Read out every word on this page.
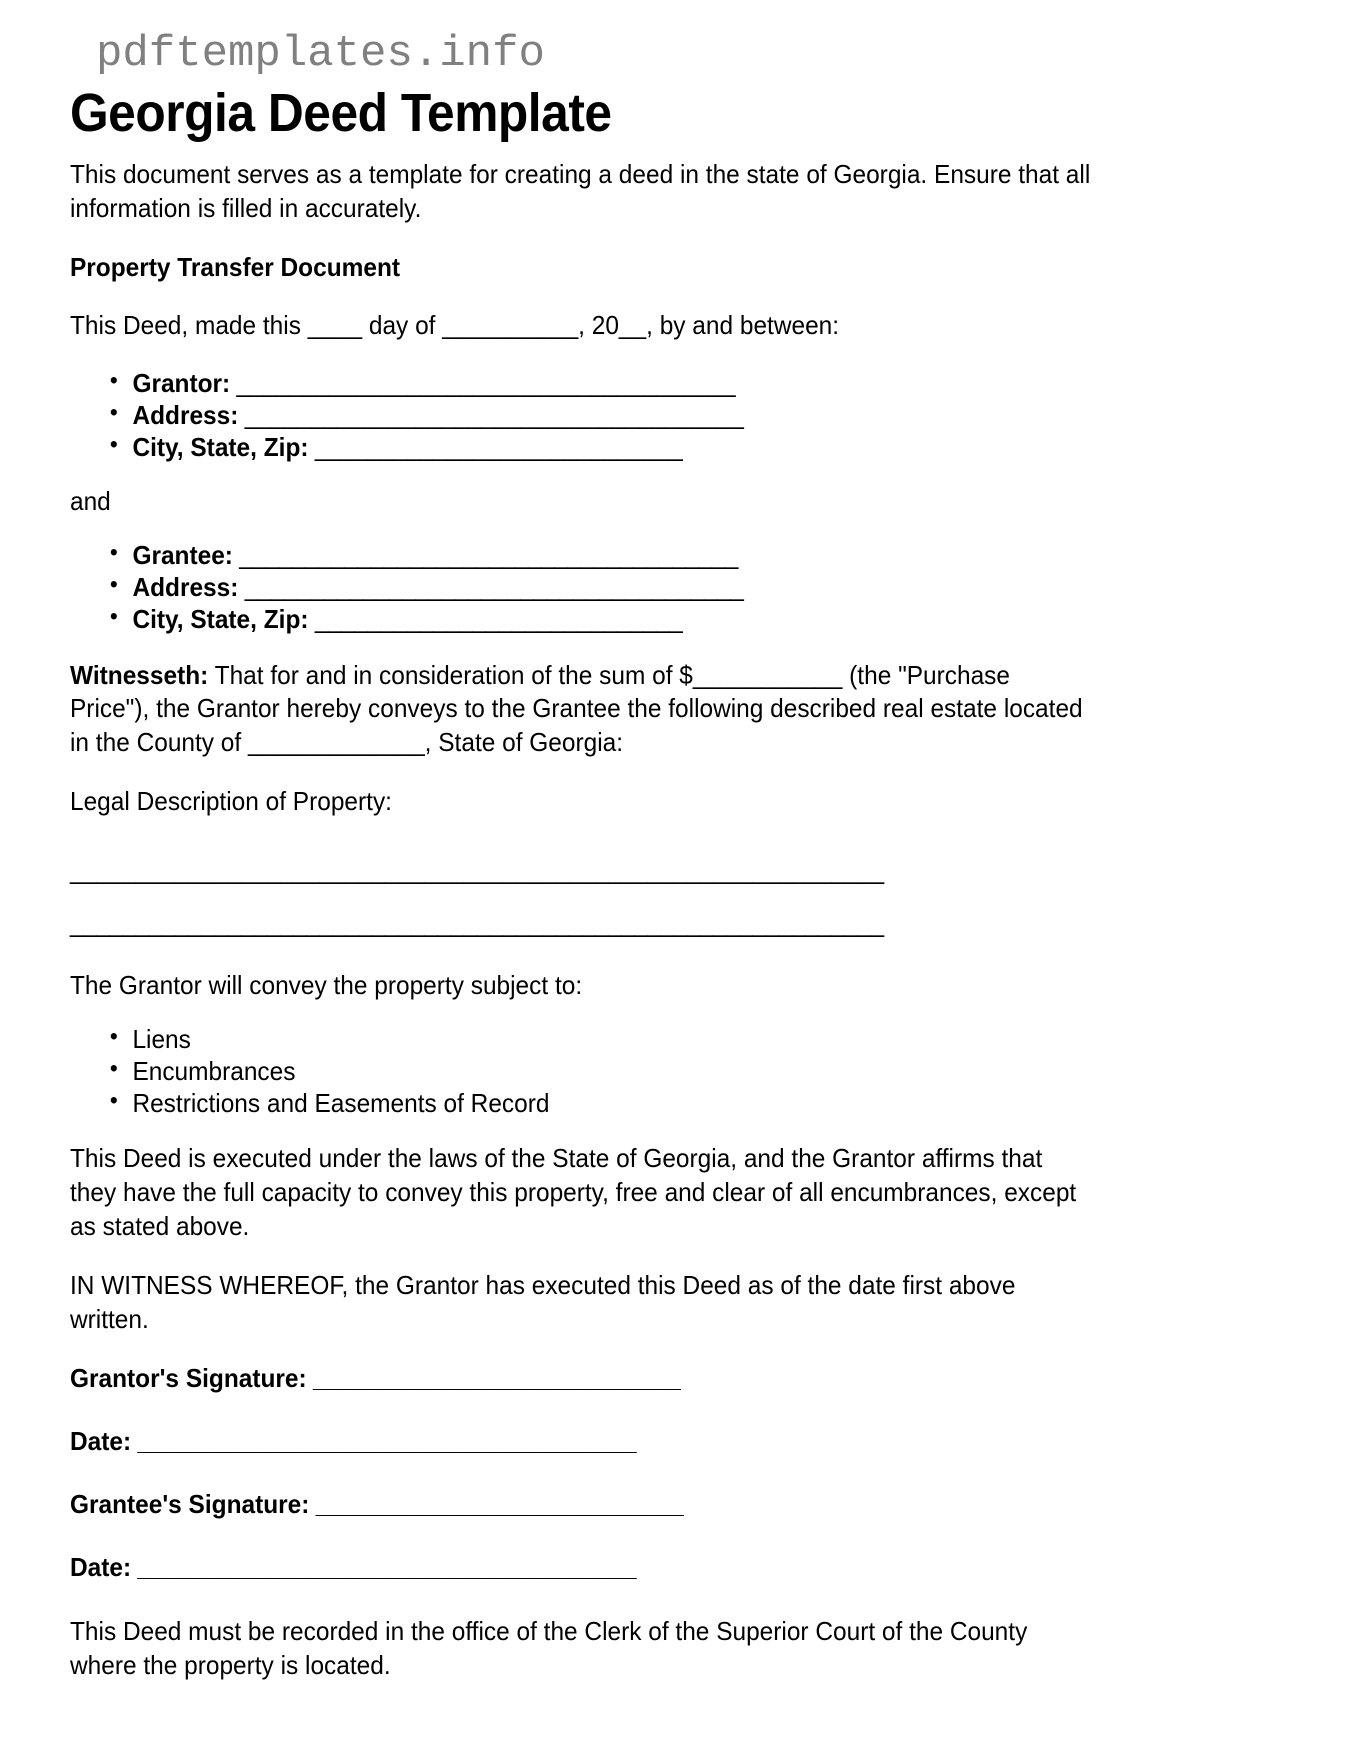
pdftemplates.info
Georgia Deed Template

This document serves as a template for creating a deed in the state of Georgia. Ensure that all information is filled in accurately.

Property Transfer Document

This Deed, made this ____ day of __________, 20__, by and between:

• Grantor: ______________________________________
• Address: ______________________________________
• City, State, Zip: ____________________________
and
• Grantee: ______________________________________
• Address: ______________________________________
• City, State, Zip: ____________________________

Witnesseth: That for and in consideration of the sum of $___________ (the "Purchase Price"), the Grantor hereby conveys to the Grantee the following described real estate located in the County of _____________, State of Georgia:

Legal Description of Property:
______________________________________________________________
______________________________________________________________

The Grantor will convey the property subject to:

• Liens
• Encumbrances
• Restrictions and Easements of Record

This Deed is executed under the laws of the State of Georgia, and the Grantor affirms that they have the full capacity to convey this property, free and clear of all encumbrances, except as stated above.

IN WITNESS WHEREOF, the Grantor has executed this Deed as of the date first above written.

Grantor's Signature: ____________________________
Date: ______________________________________
Grantee's Signature: ____________________________
Date: ______________________________________

This Deed must be recorded in the office of the Clerk of the Superior Court of the County where the property is located.
